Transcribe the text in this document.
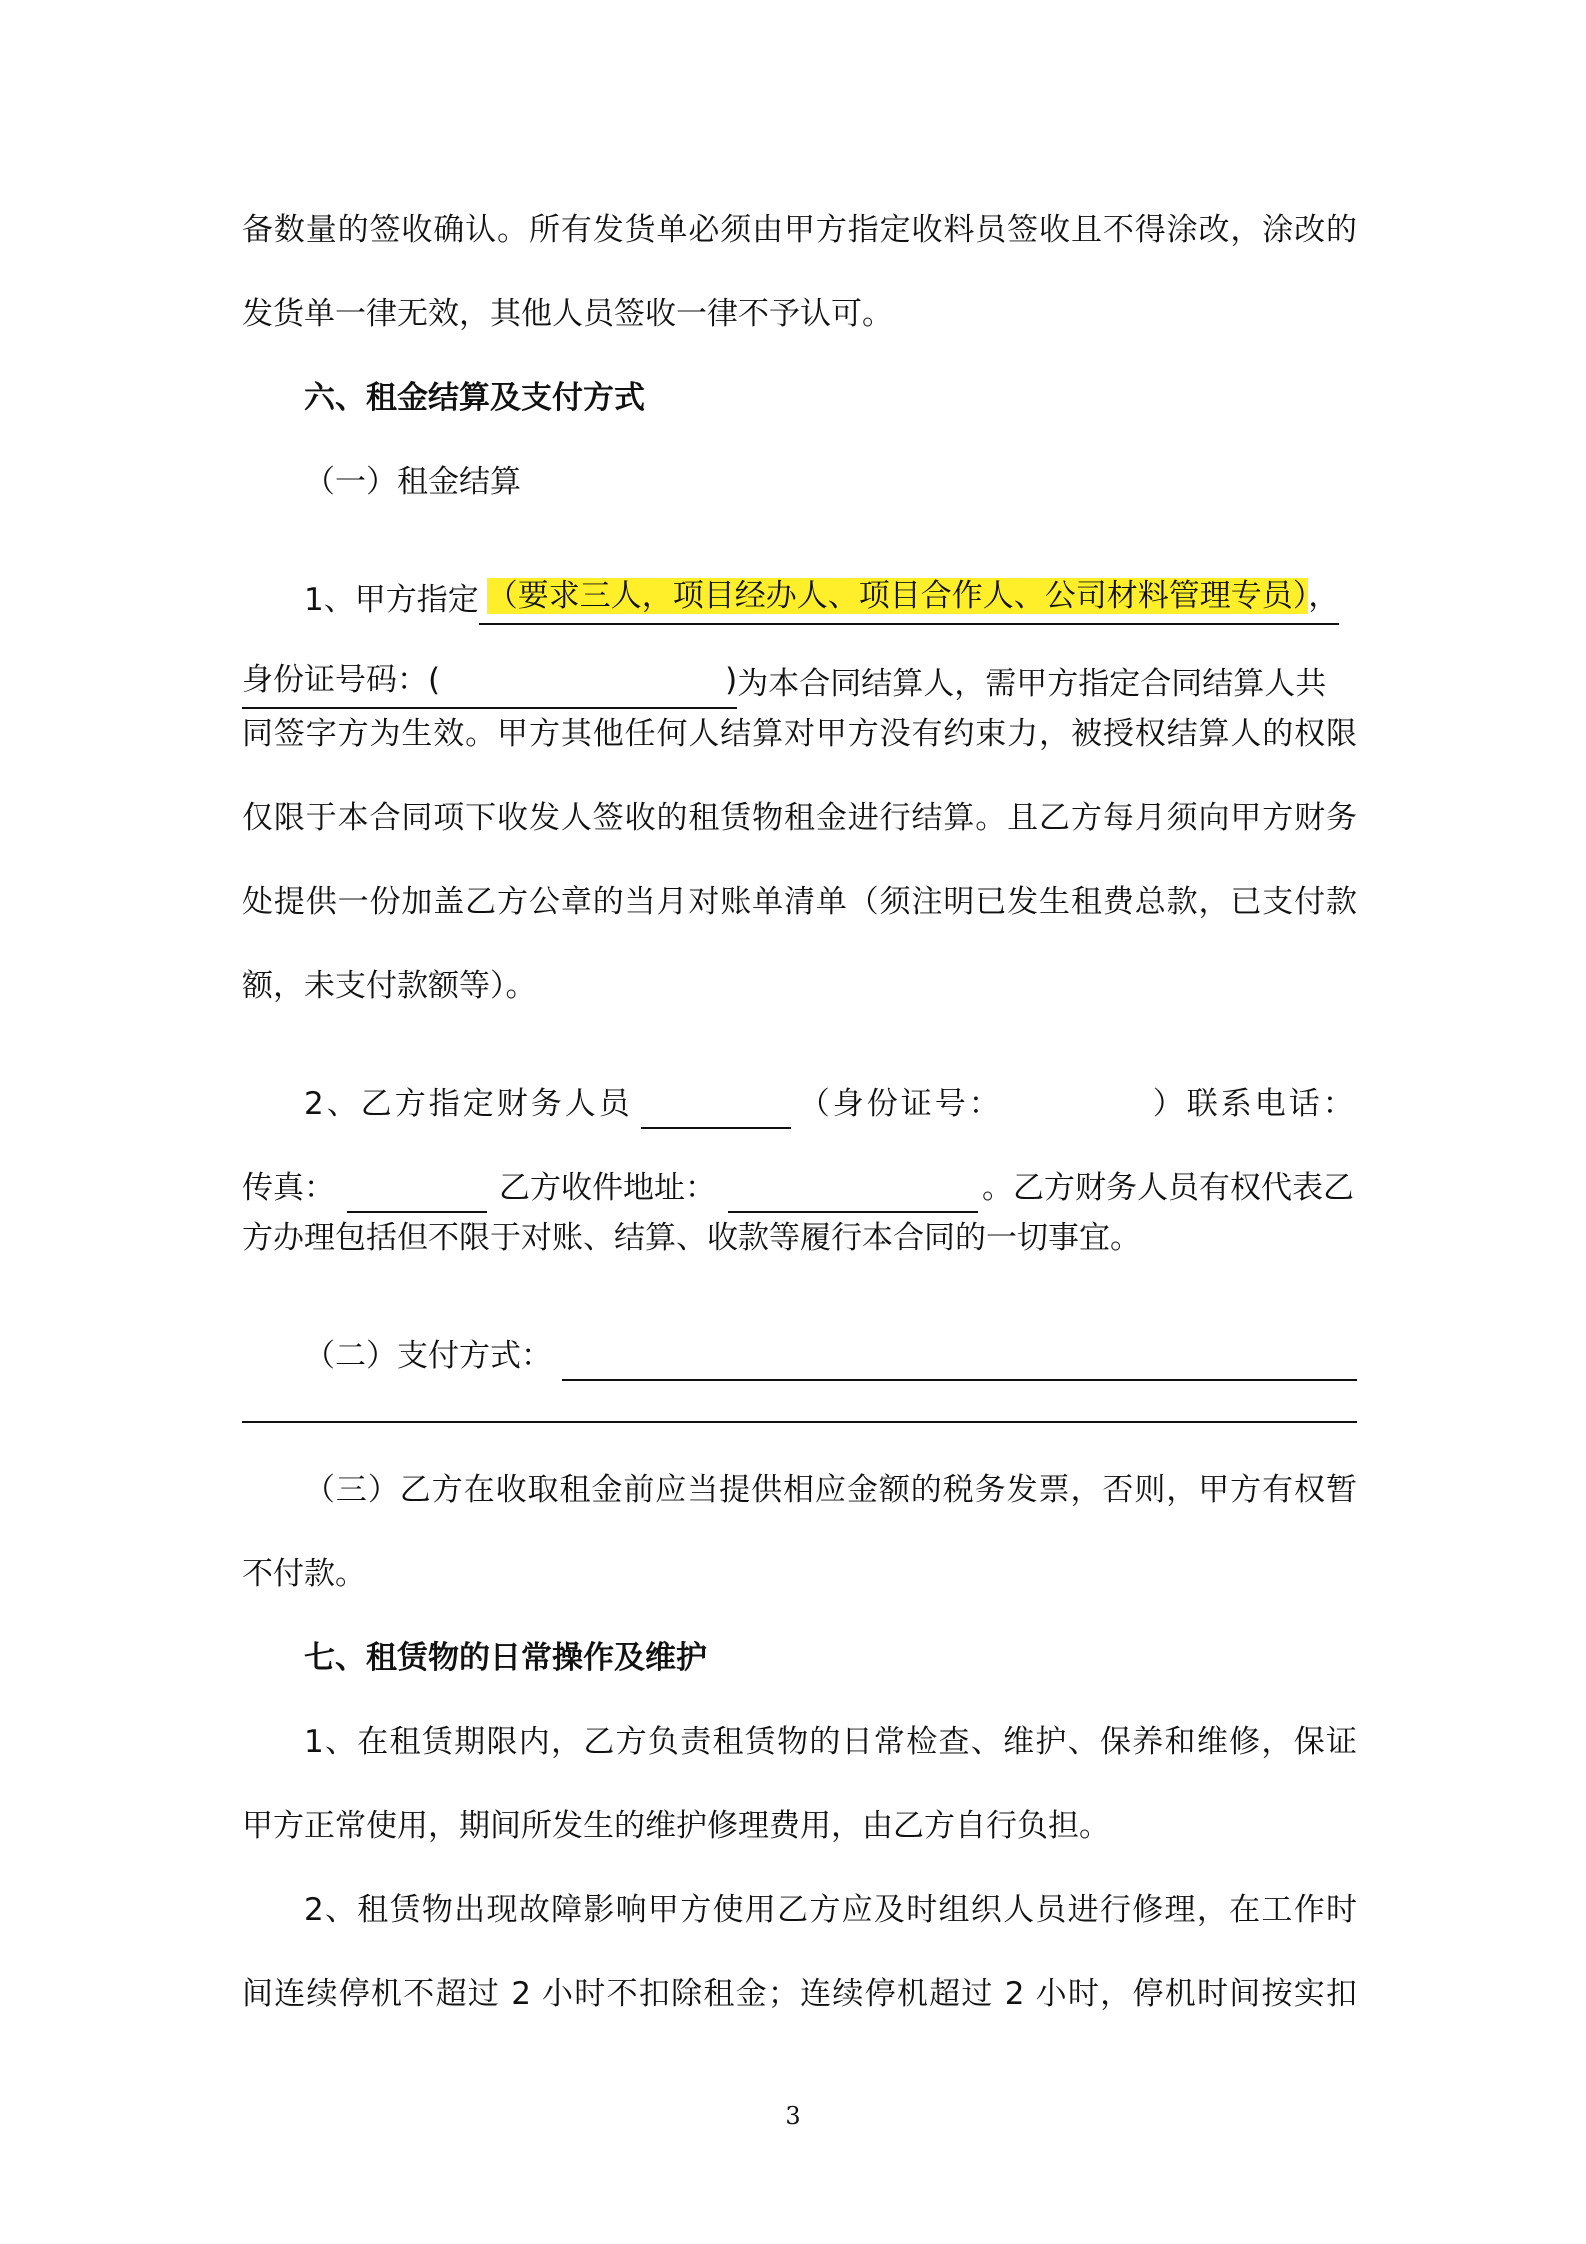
备数量的签收确认。所有发货单必须由甲方指定收料员签收且不得涂改，涂改的
发货单一律无效，其他人员签收一律不予认可。
六、租金结算及支付方式
（一）租金结算
1、甲方指定 （要求三人，项目经办人、项目合作人、公司材料管理专员），
身份证号码：(	) 为本合同结算人，需甲方指定合同结算人共
同签字方为生效。甲方其他任何人结算对甲方没有约束力，被授权结算人的权限
仅限于本合同项下收发人签收的租赁物租金进行结算。且乙方每月须向甲方财务
处提供一份加盖乙方公章的当月对账单清单（须注明已发生租费总款，已支付款
额，未支付款额等）。
2、乙方指定财务人员	（身份证号：	）联系电话：
传真：	乙方收件地址：	。乙方财务人员有权代表乙
方办理包括但不限于对账、结算、收款等履行本合同的一切事宜。
（二）支付方式：
（三）乙方在收取租金前应当提供相应金额的税务发票，否则，甲方有权暂
不付款。
七、租赁物的日常操作及维护
1、在租赁期限内，乙方负责租赁物的日常检查、维护、保养和维修，保证
甲方正常使用，期间所发生的维护修理费用，由乙方自行负担。
2、租赁物出现故障影响甲方使用乙方应及时组织人员进行修理，在工作时
间连续停机不超过 2 小时不扣除租金；连续停机超过 2 小时，停机时间按实扣
3
